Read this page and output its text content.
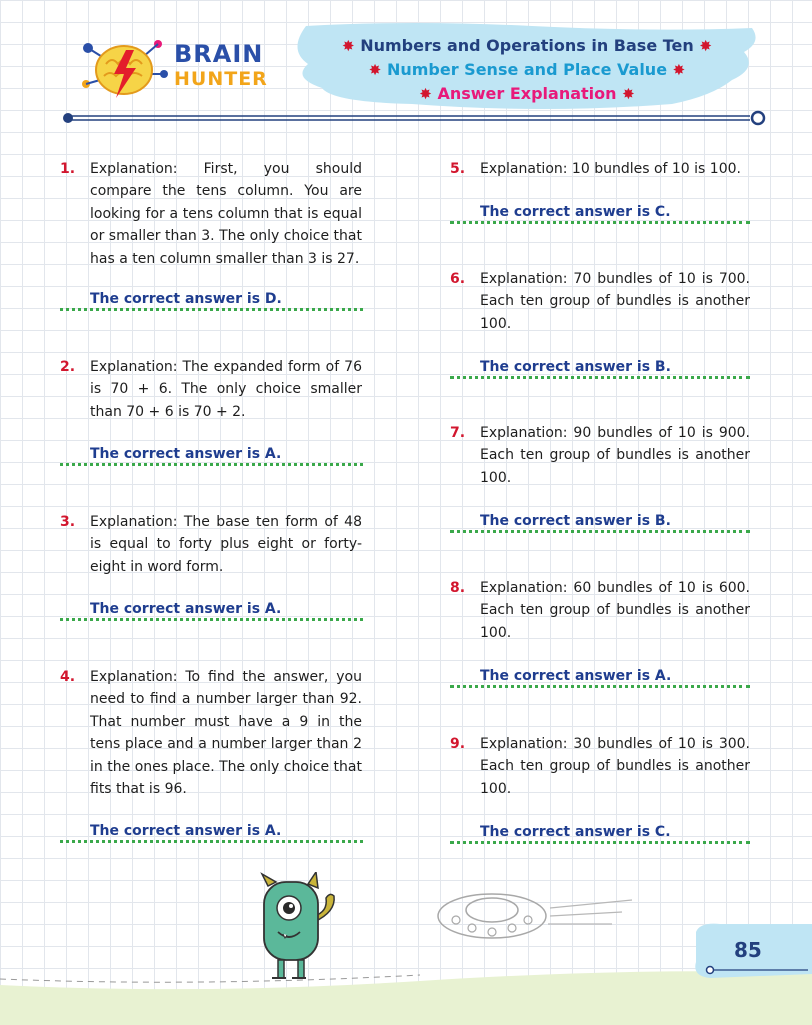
BRAIN
HUNTER
✸ Numbers and Operations in Base Ten ✸
✸ Number Sense and Place Value ✸
✸ Answer Explanation ✸
1. Explanation: First, you should compare the tens column. You are looking for a tens column that is equal or smaller than 3. The only choice that has a ten column smaller than 3 is 27.
The correct answer is D.
2. Explanation: The expanded form of 76 is 70 + 6. The only choice smaller than 70 + 6 is 70 + 2.
The correct answer is A.
3. Explanation: The base ten form of 48 is equal to forty plus eight or forty-eight in word form.
The correct answer is A.
4. Explanation: To find the answer, you need to find a number larger than 92. That number must have a 9 in the tens place and a number larger than 2 in the ones place. The only choice that fits that is 96.
The correct answer is A.
5. Explanation: 10 bundles of 10 is 100.
The correct answer is C.
6. Explanation: 70 bundles of 10 is 700. Each ten group of bundles is another 100.
The correct answer is B.
7. Explanation: 90 bundles of 10 is 900. Each ten group of bundles is another 100.
The correct answer is B.
8. Explanation: 60 bundles of 10 is 600. Each ten group of bundles is another 100.
The correct answer is A.
9. Explanation: 30 bundles of 10 is 300. Each ten group of bundles is another 100.
The correct answer is C.
85
